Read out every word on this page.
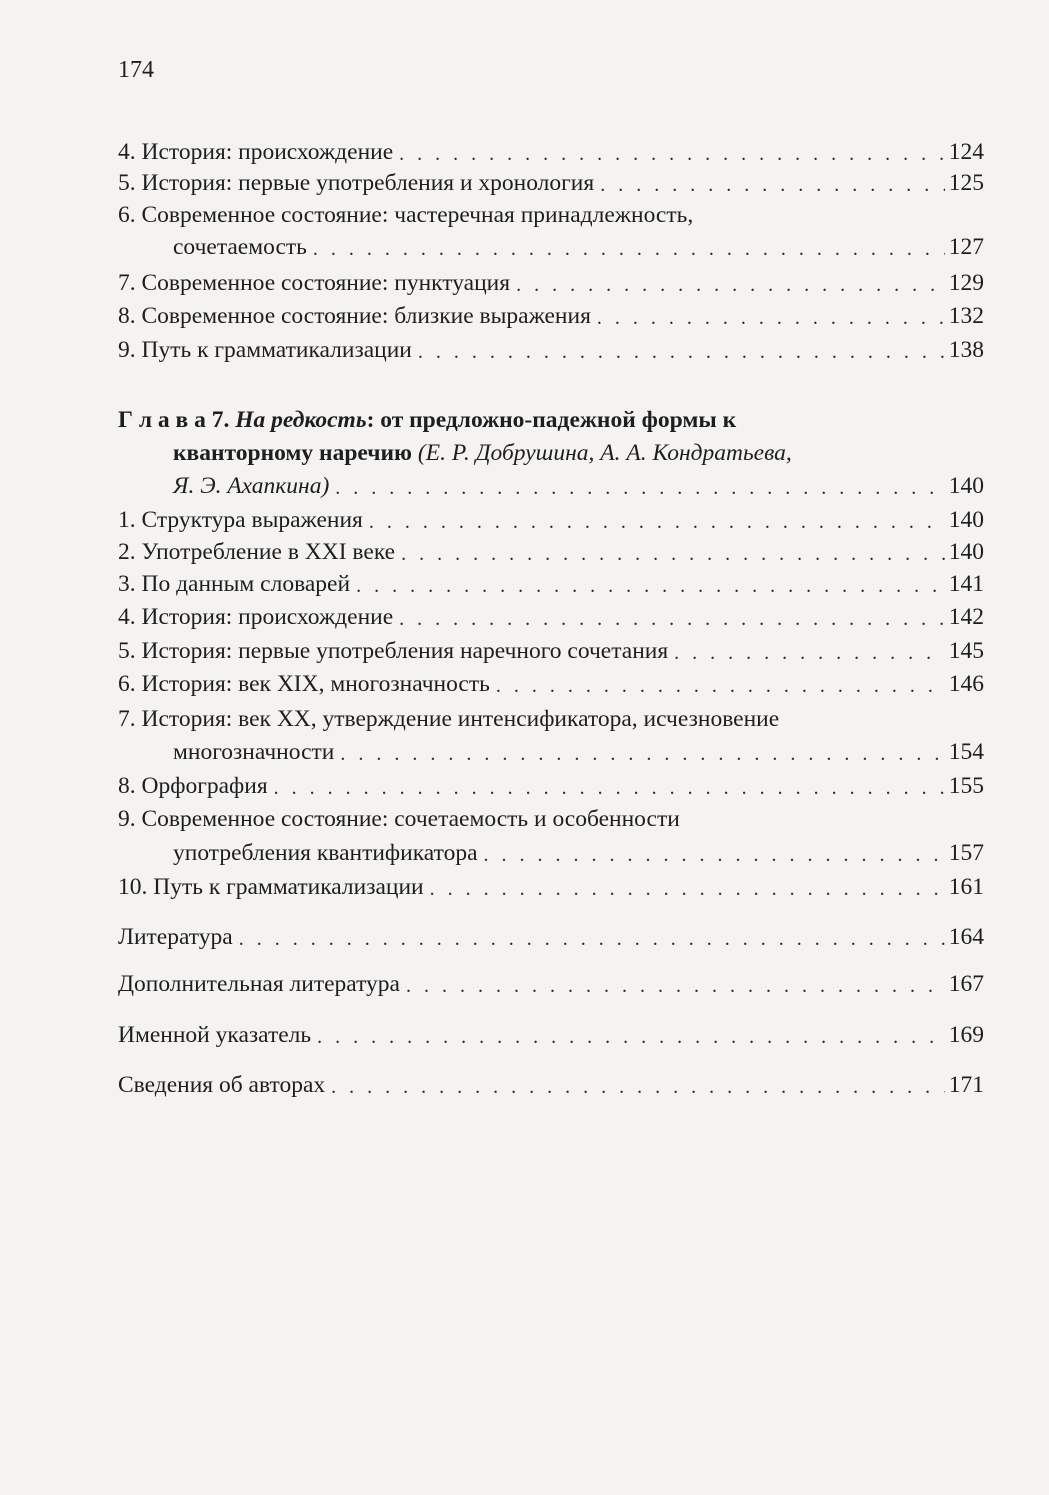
174
4. История: происхождение . . .	124
5. История: первые употребления и хронология . . .	125
6. Современное состояние: частеречная принадлежность,
сочетаемость . . .	127
7. Современное состояние: пунктуация . . .	129
8. Современное состояние: близкие выражения . . .	132
9. Путь к грамматикализации . . .	138
Г л а в а 7. На редкость: от предложно-падежной формы к
кванторному наречию (Е. Р. Добрушина, А. А. Кондратьева,
Я. Э. Ахапкина) . . .	140
1. Структура выражения . . .	140
2. Употребление в XXI веке . . .	140
3. По данным словарей . . .	141
4. История: происхождение . . .	142
5. История: первые употребления наречного сочетания . . .	145
6. История: век XIX, многозначность . . .	146
7. История: век XX, утверждение интенсификатора, исчезновение
многозначности . . .	154
8. Орфография . . .	155
9. Современное состояние: сочетаемость и особенности
употребления квантификатора . . .	157
10. Путь к грамматикализации . . .	161
Литература . . .	164
Дополнительная литература . . .	167
Именной указатель . . .	169
Сведения об авторах . . .	171
